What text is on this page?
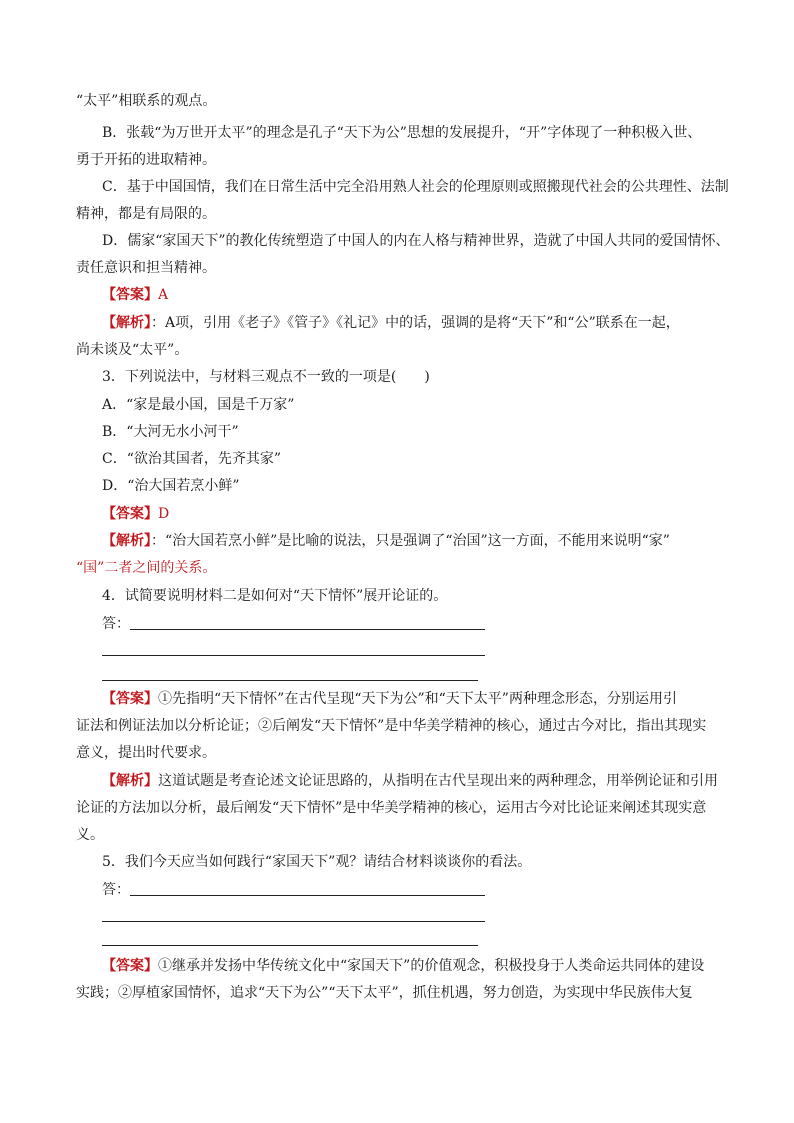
“太平”相联系的观点。
B．张载“为万世开太平”的理念是孔子“天下为公”思想的发展提升，“开”字体现了一种积极入世、
勇于开拓的进取精神。
C．基于中国国情，我们在日常生活中完全沿用熟人社会的伦理原则或照搬现代社会的公共理性、法制
精神，都是有局限的。
D．儒家“家国天下”的教化传统塑造了中国人的内在人格与精神世界，造就了中国人共同的爱国情怀、
责任意识和担当精神。
【答案】A
【解析】：A项，引用《老子》《管子》《礼记》中的话，强调的是将“天下”和“公”联系在一起，
尚未谈及“太平”。
3．下列说法中，与材料三观点不一致的一项是(　　)
A．“家是最小国，国是千万家”
B．“大河无水小河干”
C．“欲治其国者，先齐其家”
D．“治大国若烹小鲜”
【答案】D
【解析】：“治大国若烹小鲜”是比喻的说法，只是强调了“治国”这一方面，不能用来说明“家”
“国”二者之间的关系。
4．试简要说明材料二是如何对“天下情怀”展开论证的。
答：
【答案】①先指明“天下情怀”在古代呈现“天下为公”和“天下太平”两种理念形态，分别运用引
证法和例证法加以分析论证；②后阐发“天下情怀”是中华美学精神的核心，通过古今对比，指出其现实
意义，提出时代要求。
【解析】这道试题是考查论述文论证思路的，从指明在古代呈现出来的两种理念，用举例论证和引用
论证的方法加以分析，最后阐发“天下情怀”是中华美学精神的核心，运用古今对比论证来阐述其现实意
义。
5．我们今天应当如何践行“家国天下”观？请结合材料谈谈你的看法。
答：
【答案】①继承并发扬中华传统文化中“家国天下”的价值观念，积极投身于人类命运共同体的建设
实践；②厚植家国情怀，追求“天下为公”“天下太平”，抓住机遇，努力创造，为实现中华民族伟大复
